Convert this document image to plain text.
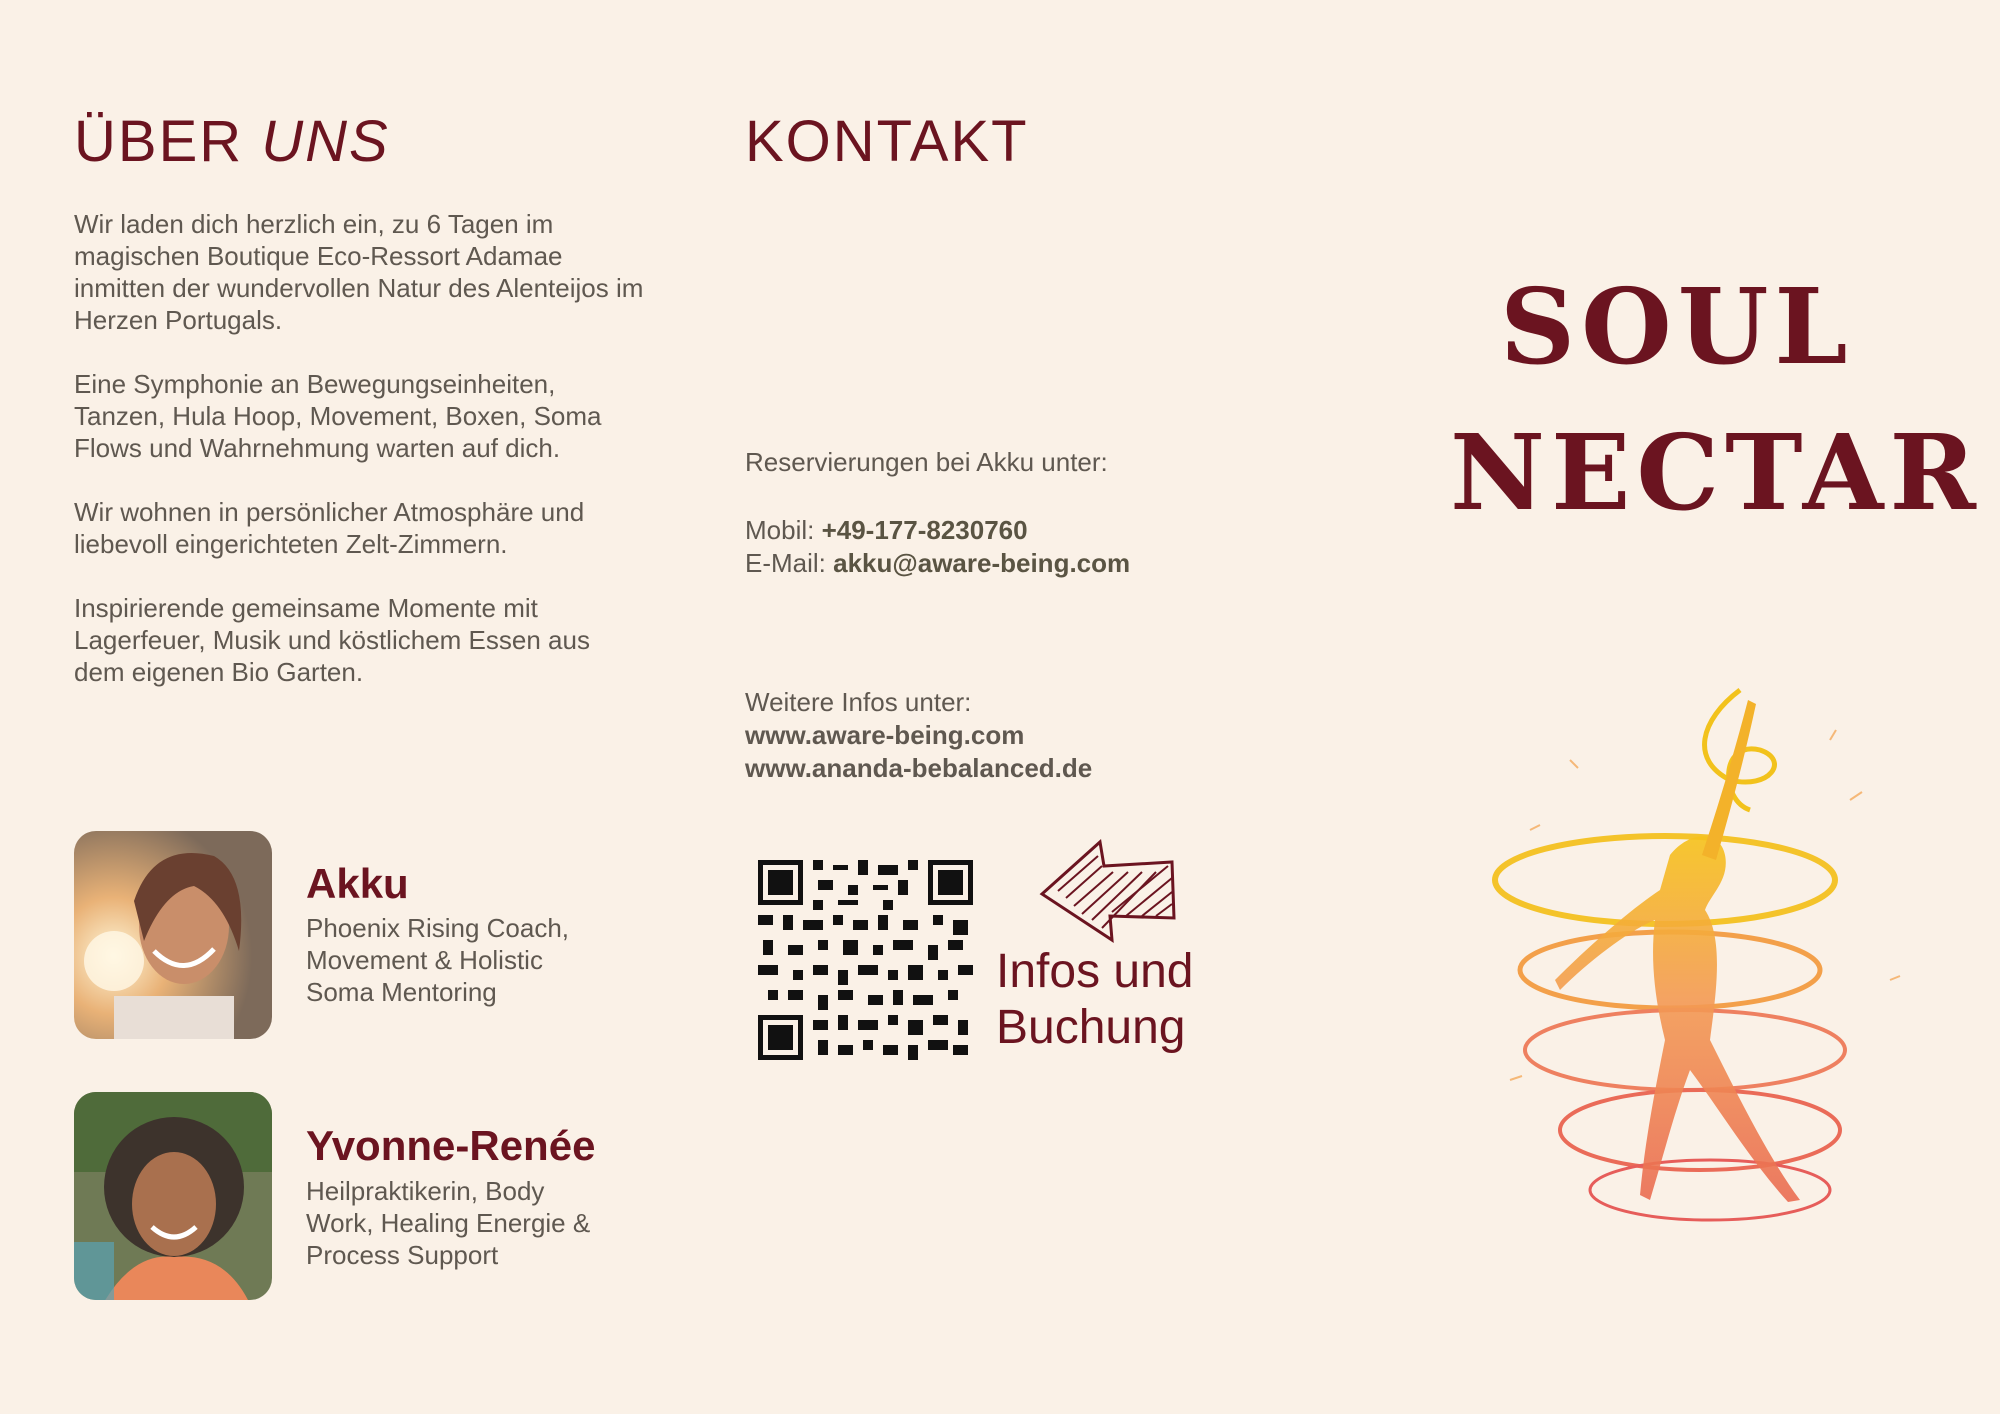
ÜBER UNS

Wir laden dich herzlich ein, zu 6 Tagen im magischen Boutique Eco-Ressort Adamae inmitten der wundervollen Natur des Alenteijos im Herzen Portugals.

Eine Symphonie an Bewegungseinheiten, Tanzen, Hula Hoop, Movement, Boxen, Soma Flows und Wahrnehmung warten auf dich.

Wir wohnen in persönlicher Atmosphäre und liebevoll eingerichteten Zelt-Zimmern.

Inspirierende gemeinsame Momente mit Lagerfeuer, Musik und köstlichem Essen aus dem eigenen Bio Garten.

Akku
Phoenix Rising Coach,
Movement & Holistic
Soma Mentoring
Yvonne-Renée
Heilpraktikerin, Body
Work, Healing Energie &
Process Support
KONTAKT
Reservierungen bei Akku unter:
Mobil: +49-177-8230760
E-Mail: akku@aware-being.com
Weitere Infos unter:
www.aware-being.com
www.ananda-bebalanced.de
Infos und
Buchung
SOUL
NECTAR
